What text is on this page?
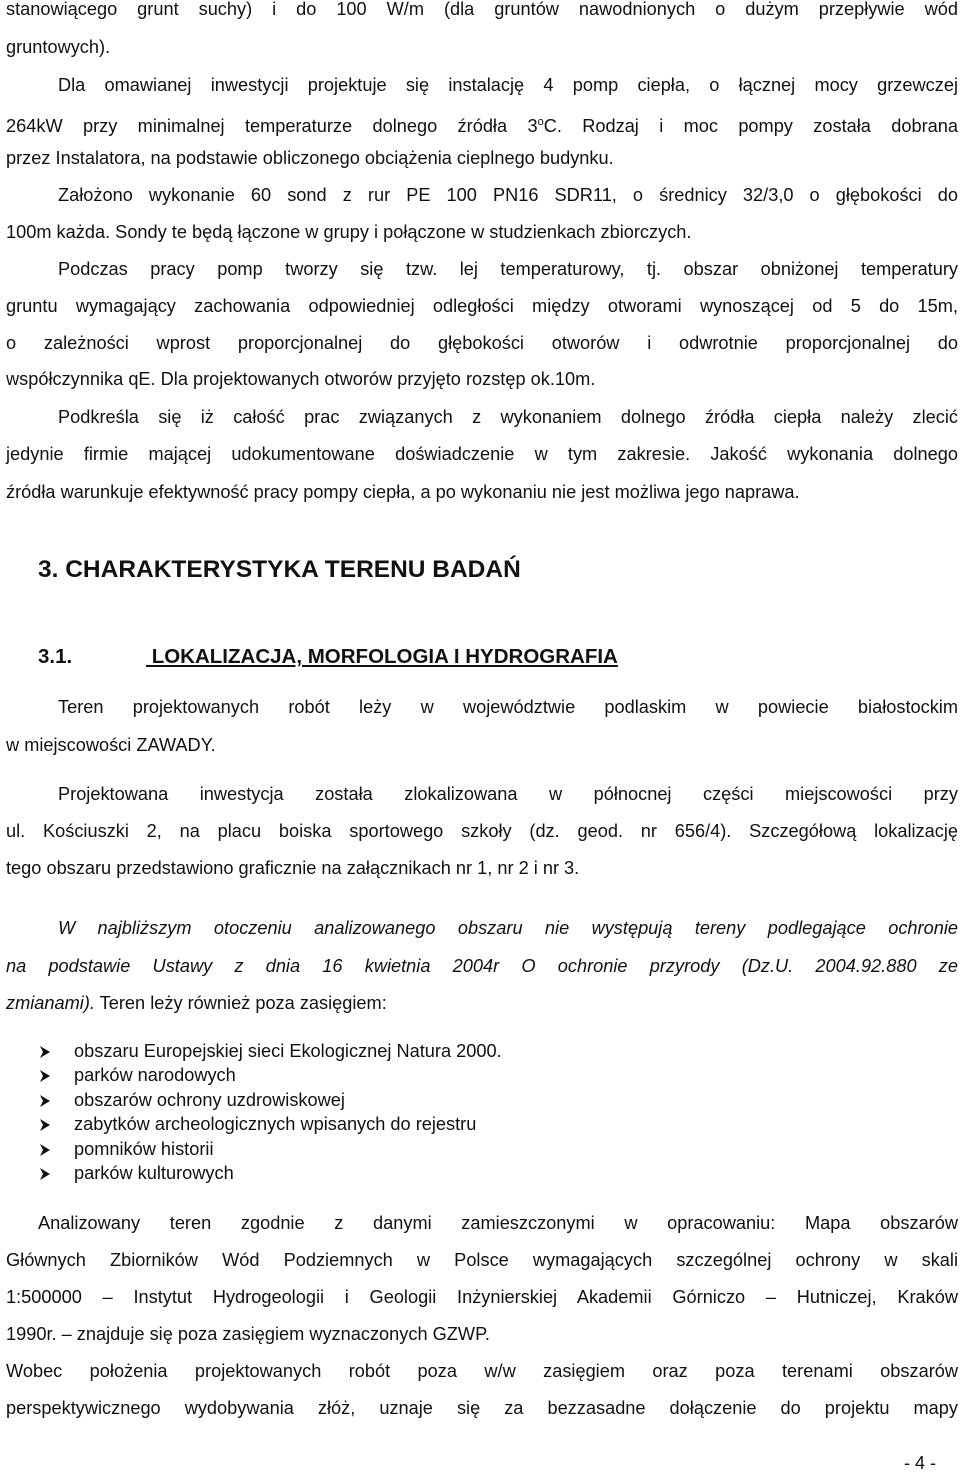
stanowiącego grunt suchy) i do 100 W/m (dla gruntów nawodnionych o dużym przepływie wód
gruntowych).
Dla omawianej inwestycji projektuje się instalację 4 pomp ciepła, o łącznej mocy grzewczej
264kW przy minimalnej temperaturze dolnego źródła 3$^o$C. Rodzaj i moc pompy została dobrana
przez Instalatora, na podstawie obliczonego obciążenia cieplnego budynku.
Założono wykonanie 60 sond z rur PE 100 PN16 SDR11, o średnicy 32/3,0 o głębokości do
100m każda. Sondy te będą łączone w grupy i połączone w studzienkach zbiorczych.
Podczas pracy pomp tworzy się tzw. lej temperaturowy, tj. obszar obniżonej temperatury
gruntu wymagający zachowania odpowiedniej odległości między otworami wynoszącej od 5 do 15m,
o zależności wprost proporcjonalnej do głębokości otworów i odwrotnie proporcjonalnej do
współczynnika qE. Dla projektowanych otworów przyjęto rozstęp ok.10m.
Podkreśla się iż całość prac związanych z wykonaniem dolnego źródła ciepła należy zlecić
jedynie firmie mającej udokumentowane doświadczenie w tym zakresie. Jakość wykonania dolnego
źródła warunkuje efektywność pracy pompy ciepła, a po wykonaniu nie jest możliwa jego naprawa.
3. CHARAKTERYSTYKA TERENU BADAŃ
3.1.	LOKALIZACJA, MORFOLOGIA I HYDROGRAFIA
Teren projektowanych robót leży w województwie podlaskim w powiecie białostockim
w miejscowości ZAWADY.
Projektowana inwestycja została zlokalizowana w północnej części miejscowości przy
ul. Kościuszki 2, na placu boiska sportowego szkoły (dz. geod. nr 656/4). Szczegółową lokalizację
tego obszaru przedstawiono graficznie na załącznikach nr 1, nr 2 i nr 3.
W najbliższym otoczeniu analizowanego obszaru nie występują tereny podlegające ochronie
na podstawie Ustawy z dnia 16 kwietnia 2004r O ochronie przyrody (Dz.U. 2004.92.880 ze
zmianami). Teren leży również poza zasięgiem:
obszaru Europejskiej sieci Ekologicznej Natura 2000.
parków narodowych
obszarów ochrony uzdrowiskowej
zabytków archeologicznych wpisanych do rejestru
pomników historii
parków kulturowych
Analizowany teren zgodnie z danymi zamieszczonymi w opracowaniu: Mapa obszarów
Głównych Zbiorników Wód Podziemnych w Polsce wymagających szczególnej ochrony w skali
1:500000 – Instytut Hydrogeologii i Geologii Inżynierskiej Akademii Górniczo – Hutniczej, Kraków
1990r. – znajduje się poza zasięgiem wyznaczonych GZWP.
Wobec położenia projektowanych robót poza w/w zasięgiem oraz poza terenami obszarów
perspektywicznego wydobywania złóż, uznaje się za bezzasadne dołączenie do projektu mapy
- 4 -
